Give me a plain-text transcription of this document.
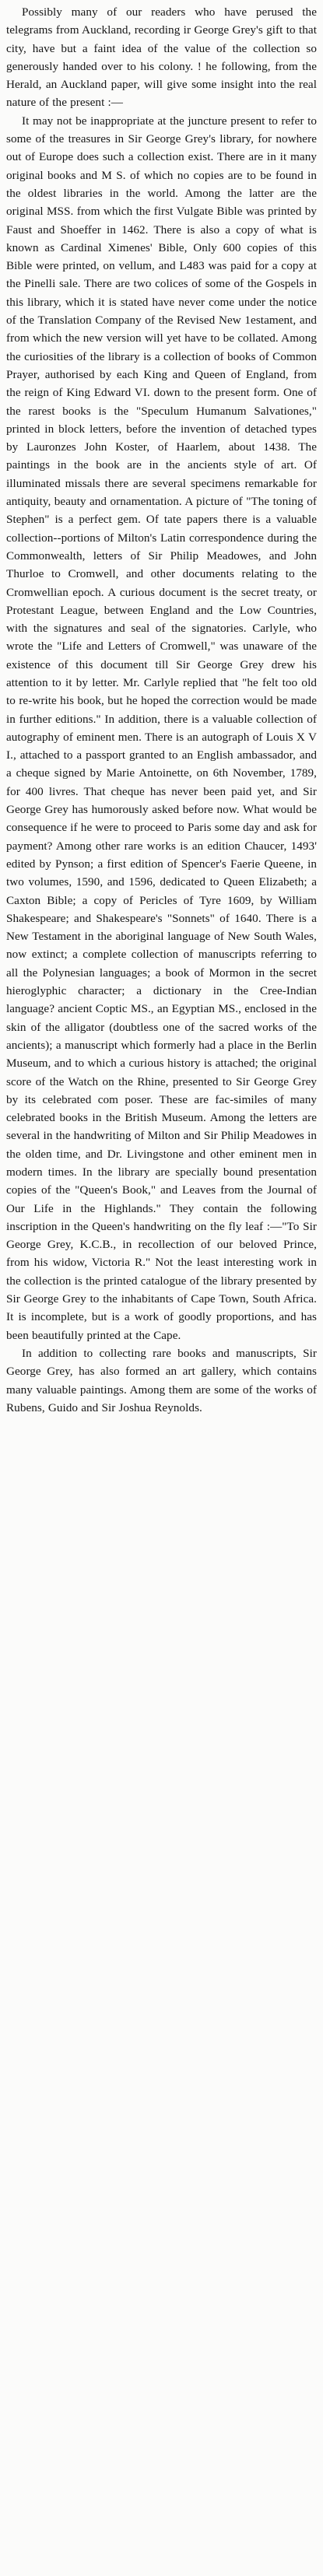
Possibly many of our readers who have perused the telegrams from Auckland, recording ir George Grey's gift to that city, have but a faint idea of the value of the collection so generously handed over to his colony. ! he following, from the Herald, an Auckland paper, will give some insight into the real nature of the present :—

It may not be inappropriate at the juncture present to refer to some of the treasures in Sir George Grey's library, for nowhere out of Europe does such a collection exist. There are in it many original books and M S. of which no copies are to be found in the oldest libraries in the world. Among the latter are the original MSS. from which the first Vulgate Bible was printed by Faust and Shoeffer in 1462. There is also a copy of what is known as Cardinal Ximenes' Bible, Only 600 copies of this Bible were printed, on vellum, and L483 was paid for a copy at the Pinelli sale. There are two colices of some of the Gospels in this library, which it is stated have never come under the notice of the Translation Company of the Revised New 1estament, and from which the new version will yet have to be collated. Among the curiosities of the library is a collection of books of Common Prayer, authorised by each King and Queen of England, from the reign of King Edward VI. down to the present form. One of the rarest books is the "Speculum Humanum Salvationes," printed in block letters, before the invention of detached types by Lauronzes John Koster, of Haarlem, about 1438. The paintings in the book are in the ancients style of art. Of illuminated missals there are several specimens remarkable for antiquity, beauty and ornamentation. A picture of "The toning of Stephen" is a perfect gem. Of tate papers there is a valuable collection--portions of Milton's Latin correspondence during the Commonwealth, letters of Sir Philip Meadowes, and John Thurloe to Cromwell, and other documents relating to the Cromwellian epoch. A curious document is the secret treaty, or Protestant League, between England and the Low Countries, with the signatures and seal of the signatories. Carlyle, who wrote the "Life and Letters of Cromwell," was unaware of the existence of this document till Sir George Grey drew his attention to it by letter. Mr. Carlyle replied that "he felt too old to re-write his book, but he hoped the correction would be made in further editions." In addition, there is a valuable collection of autography of eminent men. There is an autograph of Louis X V I., attached to a passport granted to an English ambassador, and a cheque signed by Marie Antoinette, on 6th November, 1789, for 400 livres. That cheque has never been paid yet, and Sir George Grey has humorously asked before now. What would be consequence if he were to proceed to Paris some day and ask for payment? Among other rare works is an edition Chaucer, 1493' edited by Pynson; a first edition of Spencer's Faerie Queene, in two volumes, 1590, and 1596, dedicated to Queen Elizabeth; a Caxton Bible; a copy of Pericles of Tyre 1609, by William Shakespeare; and Shakespeare's "Sonnets" of 1640. There is a New Testament in the aboriginal language of New South Wales, now extinct; a complete collection of manuscripts referring to all the Polynesian languages; a book of Mormon in the secret hieroglyphic character; a dictionary in the Cree-Indian language? ancient Coptic MS., an Egyptian MS., enclosed in the skin of the alligator (doubtless one of the sacred works of the ancients); a manuscript which formerly had a place in the Berlin Museum, and to which a curious history is attached; the original score of the Watch on the Rhine, presented to Sir George Grey by its celebrated com poser. These are fac-similes of many celebrated books in the British Museum. Among the letters are several in the handwriting of Milton and Sir Philip Meadowes in the olden time, and Dr. Livingstone and other eminent men in modern times. In the library are specially bound presentation copies of the "Queen's Book," and Leaves from the Journal of Our Life in the Highlands." They contain the following inscription in the Queen's handwriting on the fly leaf :—"To Sir George Grey, K.C.B., in recollection of our beloved Prince, from his widow, Victoria R." Not the least interesting work in the collection is the printed catalogue of the library presented by Sir George Grey to the inhabitants of Cape Town, South Africa. It is incomplete, but is a work of goodly proportions, and has been beautifully printed at the Cape.

In addition to collecting rare books and manuscripts, Sir George Grey, has also formed an art gallery, which contains many valuable paintings. Among them are some of the works of Rubens, Guido and Sir Joshua Reynolds.
